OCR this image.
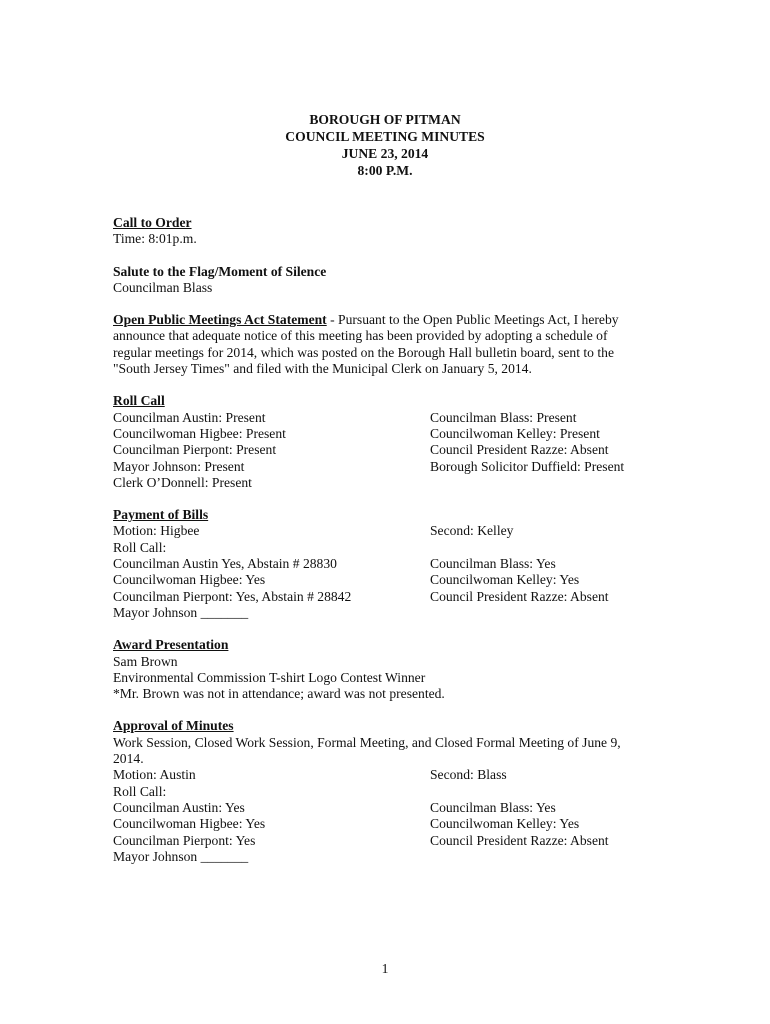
BOROUGH OF PITMAN
COUNCIL MEETING MINUTES
JUNE 23, 2014
8:00 P.M.
Call to Order
Time: 8:01p.m.
Salute to the Flag/Moment of Silence
Councilman Blass
Open Public Meetings Act Statement - Pursuant to the Open Public Meetings Act, I hereby
announce that adequate notice of this meeting has been provided by adopting a schedule of
regular meetings for 2014, which was posted on the Borough Hall bulletin board, sent to the
"South Jersey Times" and filed with the Municipal Clerk on January 5, 2014.
Roll Call
Councilman Austin: Present	Councilman Blass: Present
Councilwoman Higbee: Present	Councilwoman Kelley: Present
Councilman Pierpont: Present	Council President Razze: Absent
Mayor Johnson: Present	Borough Solicitor Duffield: Present
Clerk O’Donnell: Present
Payment of Bills
Motion: Higbee	Second: Kelley
Roll Call:
Councilman Austin Yes, Abstain # 28830	Councilman Blass: Yes
Councilwoman Higbee: Yes	Councilwoman Kelley: Yes
Councilman Pierpont: Yes, Abstain # 28842	Council President Razze: Absent
Mayor Johnson _______
Award Presentation
Sam Brown
Environmental Commission T-shirt Logo Contest Winner
*Mr. Brown was not in attendance; award was not presented.
Approval of Minutes
Work Session, Closed Work Session, Formal Meeting, and Closed Formal Meeting of June 9,
2014.
Motion: Austin	Second: Blass
Roll Call:
Councilman Austin: Yes	Councilman Blass: Yes
Councilwoman Higbee: Yes	Councilwoman Kelley: Yes
Councilman Pierpont: Yes	Council President Razze: Absent
Mayor Johnson _______
1
